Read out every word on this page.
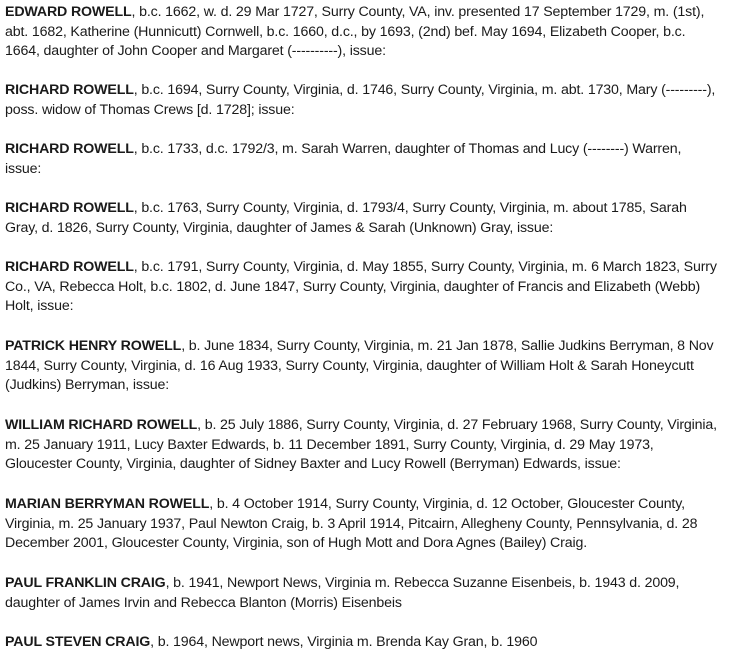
EDWARD ROWELL, b.c. 1662, w. d. 29 Mar 1727, Surry County, VA, inv. presented 17 September 1729, m. (1st),
abt. 1682, Katherine (Hunnicutt) Cornwell, b.c. 1660, d.c., by 1693, (2nd) bef. May 1694, Elizabeth Cooper, b.c.
1664, daughter of John Cooper and Margaret (----------), issue:
RICHARD ROWELL, b.c. 1694, Surry County, Virginia, d. 1746, Surry County, Virginia, m. abt. 1730, Mary (---------),
poss. widow of Thomas Crews [d. 1728]; issue:
RICHARD ROWELL, b.c. 1733, d.c. 1792/3, m. Sarah Warren, daughter of Thomas and Lucy (--------) Warren,
issue:
RICHARD ROWELL, b.c. 1763, Surry County, Virginia, d. 1793/4, Surry County, Virginia, m. about 1785, Sarah
Gray, d. 1826, Surry County, Virginia, daughter of James & Sarah (Unknown) Gray, issue:
RICHARD ROWELL, b.c. 1791, Surry County, Virginia, d. May 1855, Surry County, Virginia, m. 6 March 1823, Surry
Co., VA, Rebecca Holt, b.c. 1802, d. June 1847, Surry County, Virginia, daughter of Francis and Elizabeth (Webb)
Holt, issue:
PATRICK HENRY ROWELL, b. June 1834, Surry County, Virginia, m. 21 Jan 1878, Sallie Judkins Berryman, 8 Nov
1844, Surry County, Virginia, d. 16 Aug 1933, Surry County, Virginia, daughter of William Holt & Sarah Honeycutt
(Judkins) Berryman, issue:
WILLIAM RICHARD ROWELL, b. 25 July 1886, Surry County, Virginia, d. 27 February 1968, Surry County, Virginia,
m. 25 January 1911, Lucy Baxter Edwards, b. 11 December 1891, Surry County, Virginia, d. 29 May 1973,
Gloucester County, Virginia, daughter of Sidney Baxter and Lucy Rowell (Berryman) Edwards, issue:
MARIAN BERRYMAN ROWELL, b. 4 October 1914, Surry County, Virginia, d. 12 October, Gloucester County,
Virginia, m. 25 January 1937, Paul Newton Craig, b. 3 April 1914, Pitcairn, Allegheny County, Pennsylvania, d. 28
December 2001, Gloucester County, Virginia, son of Hugh Mott and Dora Agnes (Bailey) Craig.
PAUL FRANKLIN CRAIG, b. 1941, Newport News, Virginia m. Rebecca Suzanne Eisenbeis, b. 1943 d. 2009,
daughter of James Irvin and Rebecca Blanton (Morris) Eisenbeis
PAUL STEVEN CRAIG, b. 1964, Newport news, Virginia m. Brenda Kay Gran, b. 1960
